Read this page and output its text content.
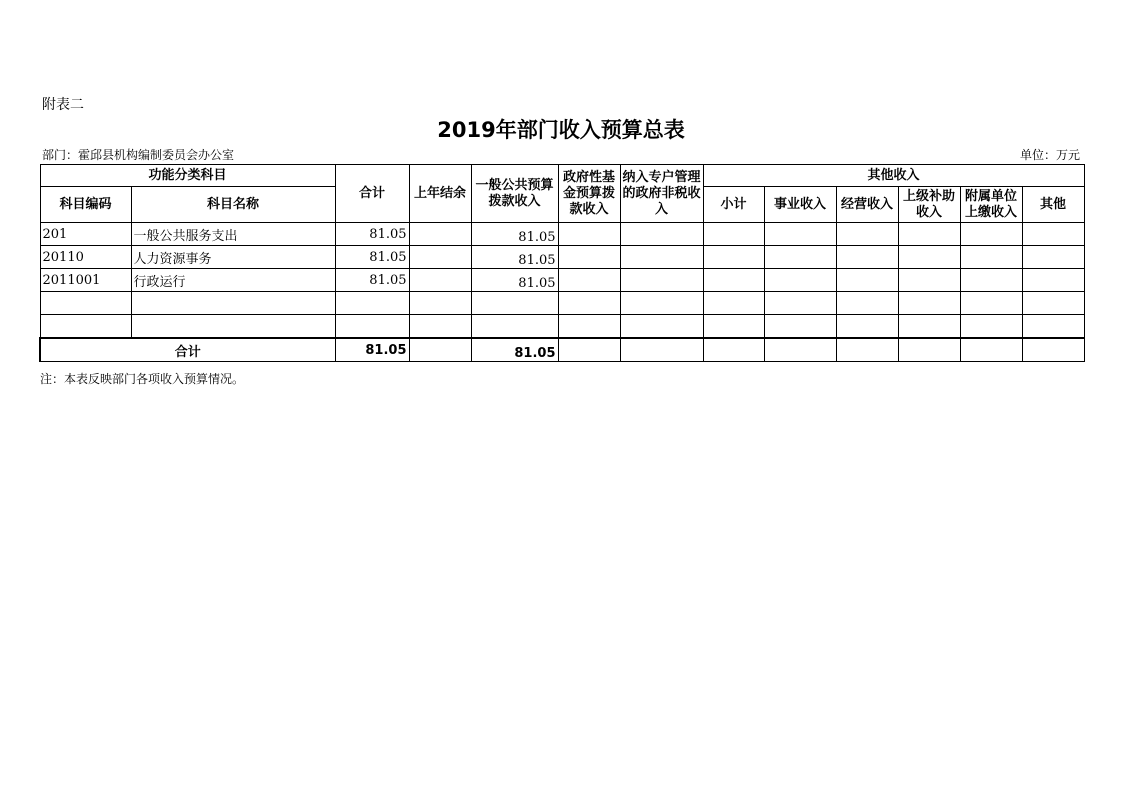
附表二
2019年部门收入预算总表
部门：霍邱县机构编制委员会办公室	单位：万元
功能分类科目		合计	上年结余	一般公共预算拨款收入	政府性基金预算拨款收入	纳入专户管理的政府非税收入	其他收入					
科目编码	科目名称						小计	事业收入	经营收入	上级补助收入	附属单位上缴收入	其他
201	一般公共服务支出	81.05		81.05								
20110	人力资源事务	81.05		81.05								
2011001	行政运行	81.05		81.05								

合计		81.05		81.05								
注：本表反映部门各项收入预算情况。
